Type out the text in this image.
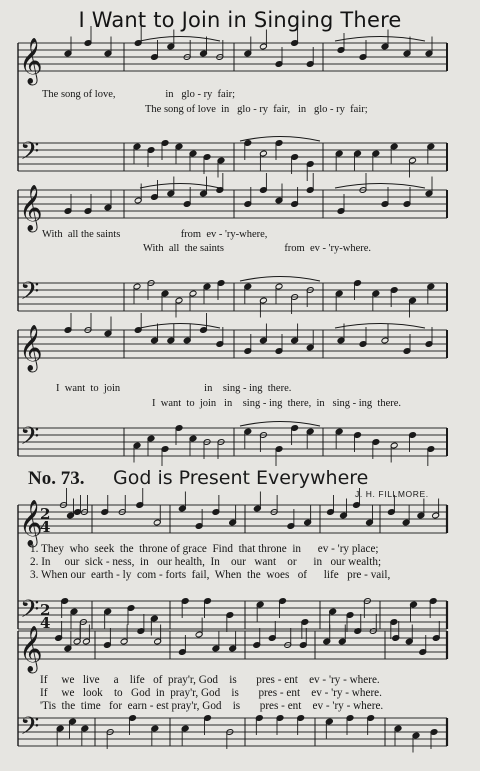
I Want to Join in Singing There
No. 73. God is Present Everywhere
J. H. FILLMORE.
𝄞
𝄢
𝄞
𝄢
𝄞
𝄢
𝄞
𝄢
𝄞
𝄢
2
4
2
4
The song of love,                   in   glo - ry  fair;
The song of love  in   glo - ry  fair,   in   glo - ry  fair;
With  all the saints                       from  ev - 'ry-where,
With  all  the saints                       from  ev - 'ry-where.
I  want  to  join                                in    sing - ing  there.
I  want  to  join   in    sing - ing  there,  in   sing - ing  there.
1. They  who  seek  the  throne of grace  Find  that throne  in      ev - 'ry place;
2. In     our  sick - ness,  in   our health,  In    our   want    or      in   our wealth;
3. When our  earth - ly  com - forts  fail,  When  the  woes   of      life   pre - vail,
If     we   live     a    life   of  pray'r, God    is       pres - ent    ev - 'ry - where.
If     we   look    to   God  in  pray'r, God    is       pres - ent    ev - 'ry - where.
'Tis  the  time   for  earn - est pray'r, God    is       pres - ent    ev - 'ry - where.
